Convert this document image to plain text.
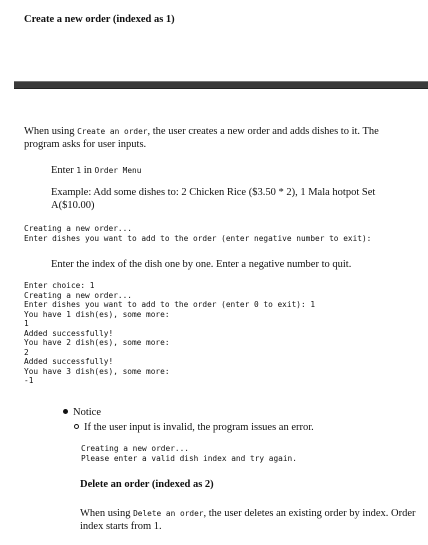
Create a new order (indexed as 1)

When using Create an order, the user creates a new order and adds dishes to it. The program asks for user inputs.

Enter 1 in Order Menu

Example: Add some dishes to: 2 Chicken Rice ($3.50 * 2), 1 Mala hotpot Set A($10.00)

Creating a new order...
Enter dishes you want to add to the order (enter negative number to exit):

Enter the index of the dish one by one. Enter a negative number to quit.

Enter choice: 1
Creating a new order...
Enter dishes you want to add to the order (enter 0 to exit): 1
You have 1 dish(es), some more:
1
Added successfully!
You have 2 dish(es), some more:
2
Added successfully!
You have 3 dish(es), some more:
-1
Notice
If the user input is invalid, the program issues an error.
Creating a new order...
Please enter a valid dish index and try again.
Delete an order (indexed as 2)

When using Delete an order, the user deletes an existing order by index. Order index starts from 1.
